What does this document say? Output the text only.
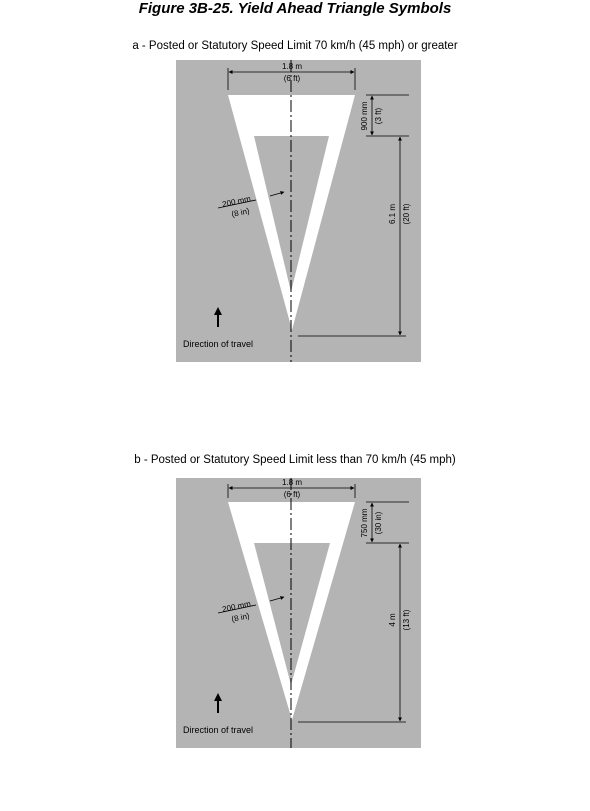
Figure 3B-25. Yield Ahead Triangle Symbols
a - Posted or Statutory Speed Limit 70 km/h (45 mph) or greater
b - Posted or Statutory Speed Limit less than 70 km/h (45 mph)
1.8 m
(6 ft)
900 mm (3 ft)
6.1 m (20 ft)
200 mm
(8 in)
Direction of travel
1.8 m
(6 ft)
750 mm (30 in)
4 m (13 ft)
200 mm
(8 in)
Direction of travel
